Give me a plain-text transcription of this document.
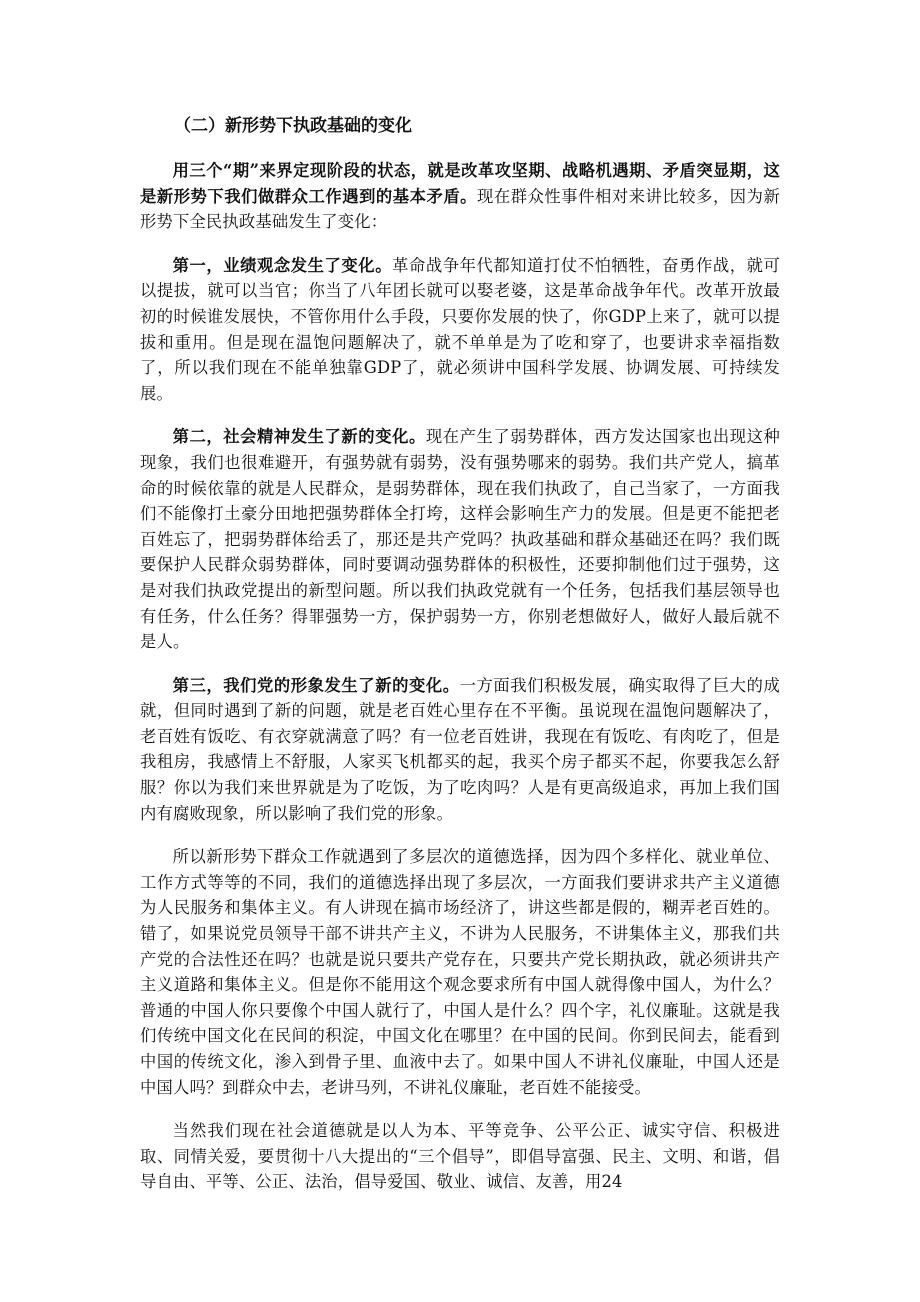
（二）新形势下执政基础的变化

用三个“期”来界定现阶段的状态，就是改革攻坚期、战略机遇期、矛盾突显期，这是新形势下我们做群众工作遇到的基本矛盾。现在群众性事件相对来讲比较多，因为新形势下全民执政基础发生了变化：

第一，业绩观念发生了变化。革命战争年代都知道打仗不怕牺牲，奋勇作战，就可以提拔，就可以当官；你当了八年团长就可以娶老婆，这是革命战争年代。改革开放最初的时候谁发展快，不管你用什么手段，只要你发展的快了，你GDP上来了，就可以提拔和重用。但是现在温饱问题解决了，就不单单是为了吃和穿了，也要讲求幸福指数了，所以我们现在不能单独靠GDP了，就必须讲中国科学发展、协调发展、可持续发展。

第二，社会精神发生了新的变化。现在产生了弱势群体，西方发达国家也出现这种现象，我们也很难避开，有强势就有弱势，没有强势哪来的弱势。我们共产党人，搞革命的时候依靠的就是人民群众，是弱势群体，现在我们执政了，自己当家了，一方面我们不能像打土豪分田地把强势群体全打垮，这样会影响生产力的发展。但是更不能把老百姓忘了，把弱势群体给丢了，那还是共产党吗？执政基础和群众基础还在吗？我们既要保护人民群众弱势群体，同时要调动强势群体的积极性，还要抑制他们过于强势，这是对我们执政党提出的新型问题。所以我们执政党就有一个任务，包括我们基层领导也有任务，什么任务？得罪强势一方，保护弱势一方，你别老想做好人，做好人最后就不是人。

第三，我们党的形象发生了新的变化。一方面我们积极发展，确实取得了巨大的成就，但同时遇到了新的问题，就是老百姓心里存在不平衡。虽说现在温饱问题解决了，老百姓有饭吃、有衣穿就满意了吗？有一位老百姓讲，我现在有饭吃、有肉吃了，但是我租房，我感情上不舒服，人家买飞机都买的起，我买个房子都买不起，你要我怎么舒服？你以为我们来世界就是为了吃饭，为了吃肉吗？人是有更高级追求，再加上我们国内有腐败现象，所以影响了我们党的形象。

所以新形势下群众工作就遇到了多层次的道德选择，因为四个多样化、就业单位、工作方式等等的不同，我们的道德选择出现了多层次，一方面我们要讲求共产主义道德为人民服务和集体主义。有人讲现在搞市场经济了，讲这些都是假的，糊弄老百姓的。错了，如果说党员领导干部不讲共产主义，不讲为人民服务，不讲集体主义，那我们共产党的合法性还在吗？也就是说只要共产党存在，只要共产党长期执政，就必须讲共产主义道路和集体主义。但是你不能用这个观念要求所有中国人就得像中国人，为什么？普通的中国人你只要像个中国人就行了，中国人是什么？四个字，礼仪廉耻。这就是我们传统中国文化在民间的积淀，中国文化在哪里？在中国的民间。你到民间去，能看到中国的传统文化，渗入到骨子里、血液中去了。如果中国人不讲礼仪廉耻，中国人还是中国人吗？到群众中去，老讲马列，不讲礼仪廉耻，老百姓不能接受。

当然我们现在社会道德就是以人为本、平等竞争、公平公正、诚实守信、积极进取、同情关爱，要贯彻十八大提出的“三个倡导”，即倡导富强、民主、文明、和谐，倡导自由、平等、公正、法治，倡导爱国、敬业、诚信、友善，用24
